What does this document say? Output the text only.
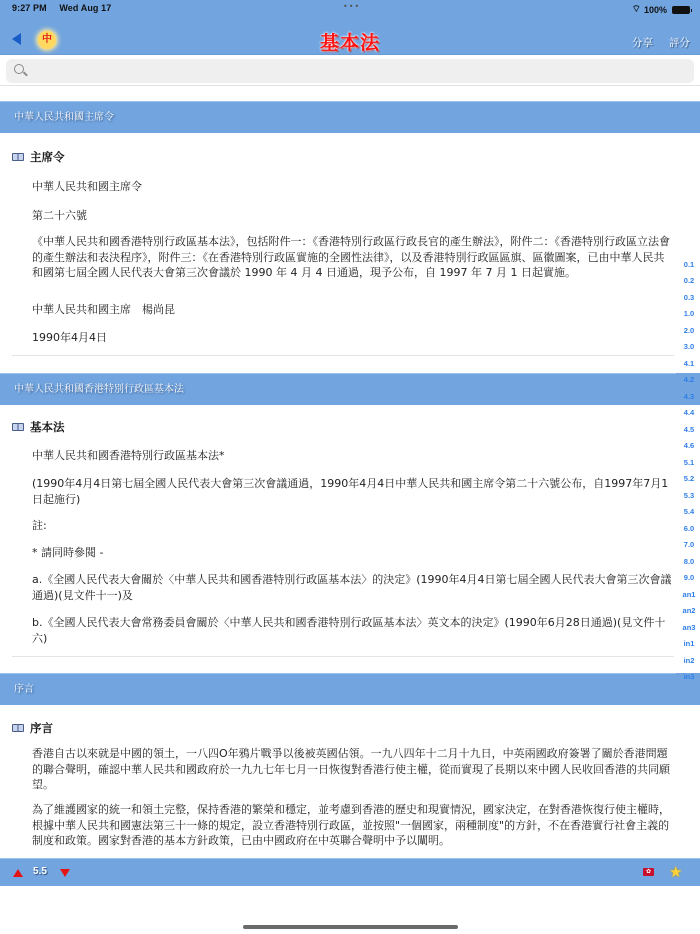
9:27 PM Wed Aug 17	•••	⌔ 100%
中	基本法	分享 評分
中華人民共和國主席令
主席令
中華人民共和國主席令
第二十六號
《中華人民共和國香港特別行政區基本法》，包括附件一：《香港特別行政區行政長官的產生辦法》，附件二：《香港特別行政區立法會的產生辦法和表決程序》，附件三：《在香港特別行政區實施的全國性法律》，以及香港特別行政區區旗、區徽圖案，已由中華人民共和國第七屆全國人民代表大會第三次會議於 1990 年 4 月 4 日通過，現予公布，自 1997 年 7 月 1 日起實施。
中華人民共和國主席　楊尚昆
1990年4月4日
中華人民共和國香港特別行政區基本法
基本法
中華人民共和國香港特別行政區基本法*
(1990年4月4日第七屆全國人民代表大會第三次會議通過，1990年4月4日中華人民共和國主席令第二十六號公布，自1997年7月1日起施行)
註:
* 請同時參閱 -
a.《全國人民代表大會關於〈中華人民共和國香港特別行政區基本法〉的決定》(1990年4月4日第七屆全國人民代表大會第三次會議通過)(見文件十一)及
b.《全國人民代表大會常務委員會關於〈中華人民共和國香港特別行政區基本法〉英文本的決定》(1990年6月28日通過)(見文件十六)
序言
序言
香港自古以來就是中國的領土，一八四O年鴉片戰爭以後被英國佔領。一九八四年十二月十九日，中英兩國政府簽署了關於香港問題的聯合聲明，確認中華人民共和國政府於一九九七年七月一日恢復對香港行使主權，從而實現了長期以來中國人民收回香港的共同願望。
為了維護國家的統一和領土完整，保持香港的繁榮和穩定，並考慮到香港的歷史和現實情況，國家決定，在對香港恢復行使主權時，根據中華人民共和國憲法第三十一條的規定，設立香港特別行政區，並按照"一個國家，兩種制度"的方針，不在香港實行社會主義的制度和政策。國家對香港的基本方針政策，已由中國政府在中英聯合聲明中予以闡明。
0.1
0.2
0.3
1.0
2.0
3.0
4.1
4.2
4.3
4.4
4.5
4.6
5.1
5.2
5.3
5.4
6.0
7.0
8.0
9.0
an1
an2
an3
in1
in2
in3
5.5	✿ ★
